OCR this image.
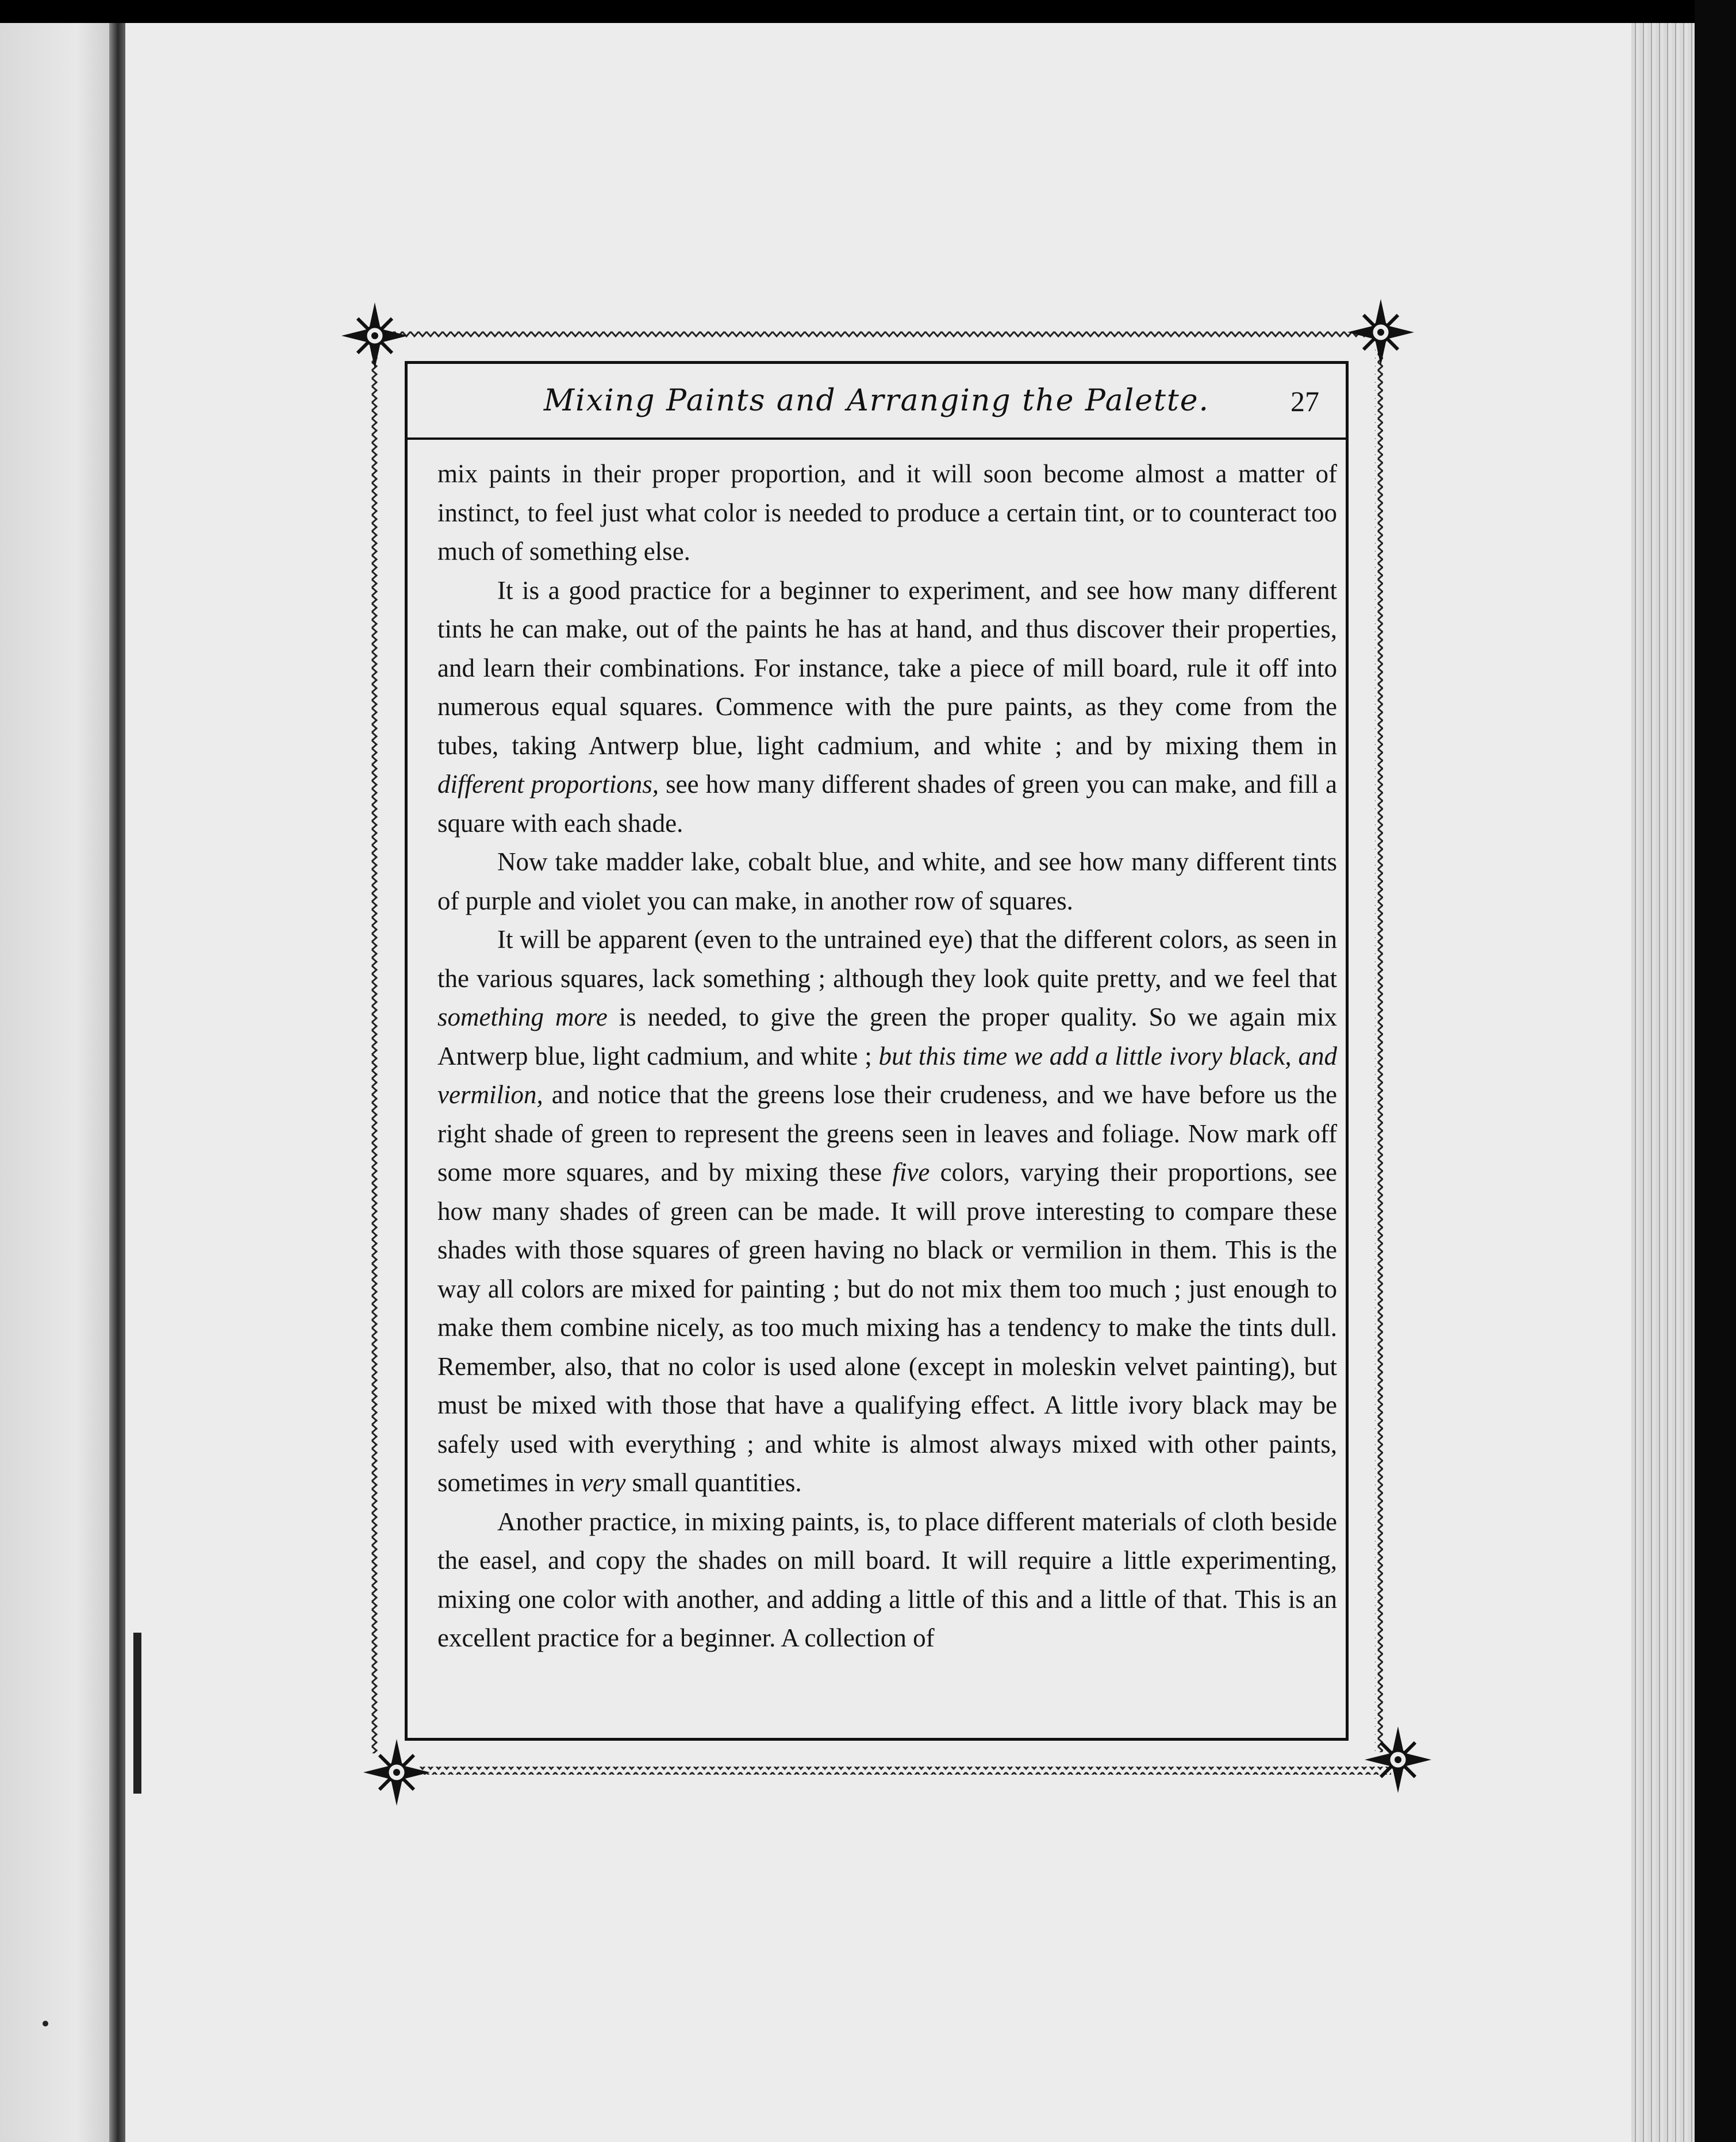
Mixing Paints and Arranging the Palette.	27

mix paints in their proper proportion, and it will soon become almost a matter of instinct, to feel just what color is needed to produce a certain tint, or to counteract too much of something else.

It is a good practice for a beginner to experiment, and see how many different tints he can make, out of the paints he has at hand, and thus discover their properties, and learn their combinations. For instance, take a piece of mill board, rule it off into numerous equal squares. Commence with the pure paints, as they come from the tubes, taking Antwerp blue, light cadmium, and white ; and by mixing them in different proportions, see how many different shades of green you can make, and fill a square with each shade.

Now take madder lake, cobalt blue, and white, and see how many different tints of purple and violet you can make, in another row of squares.

It will be apparent (even to the untrained eye) that the different colors, as seen in the various squares, lack something ; although they look quite pretty, and we feel that something more is needed, to give the green the proper quality. So we again mix Antwerp blue, light cadmium, and white ; but this time we add a little ivory black, and vermilion, and notice that the greens lose their crudeness, and we have before us the right shade of green to represent the greens seen in leaves and foliage. Now mark off some more squares, and by mixing these five colors, varying their proportions, see how many shades of green can be made. It will prove interesting to compare these shades with those squares of green having no black or vermilion in them. This is the way all colors are mixed for painting ; but do not mix them too much ; just enough to make them combine nicely, as too much mixing has a tendency to make the tints dull. Remember, also, that no color is used alone (except in moleskin velvet painting), but must be mixed with those that have a qualifying effect. A little ivory black may be safely used with everything ; and white is almost always mixed with other paints, sometimes in very small quantities.

Another practice, in mixing paints, is, to place different materials of cloth beside the easel, and copy the shades on mill board. It will require a little experimenting, mixing one color with another, and adding a little of this and a little of that. This is an excellent practice for a beginner. A collection of
